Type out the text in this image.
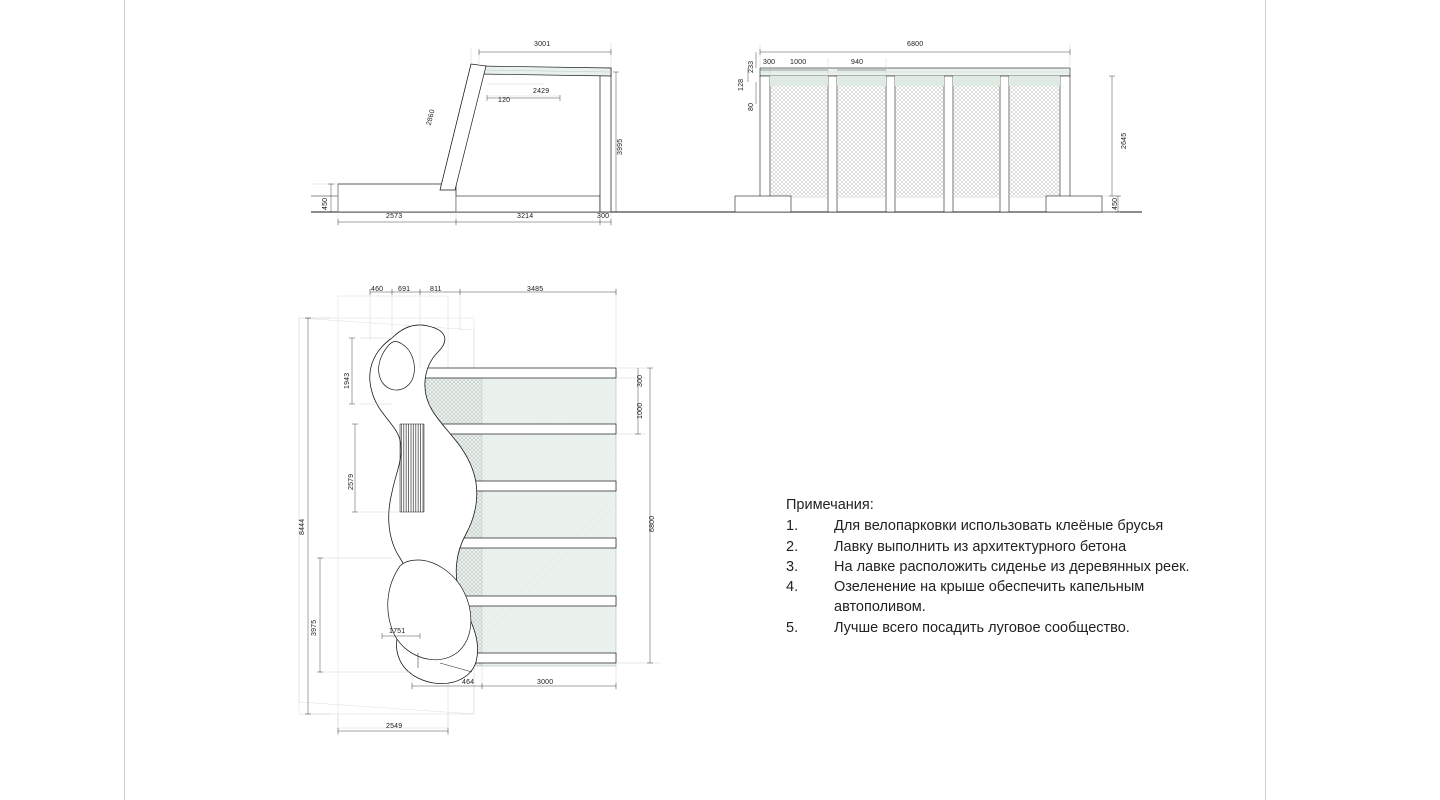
3001
2429
120
2860
3995
450
2573	3214	300
6800
300 1000	940
233
128
80
2645
450
460 691	811	3485
1943
2579
8444
3975	1751
300
1000
6800
464	3000
2549
Примечания:
1.	Для велопарковки использовать клеёные брусья
2.	Лавку выполнить из архитектурного бетона
3.	На лавке расположить сиденье из деревянных реек.
4.	Озеленение на крыше обеспечить капельным автополивом.
5.	Лучше всего посадить луговое сообщество.
